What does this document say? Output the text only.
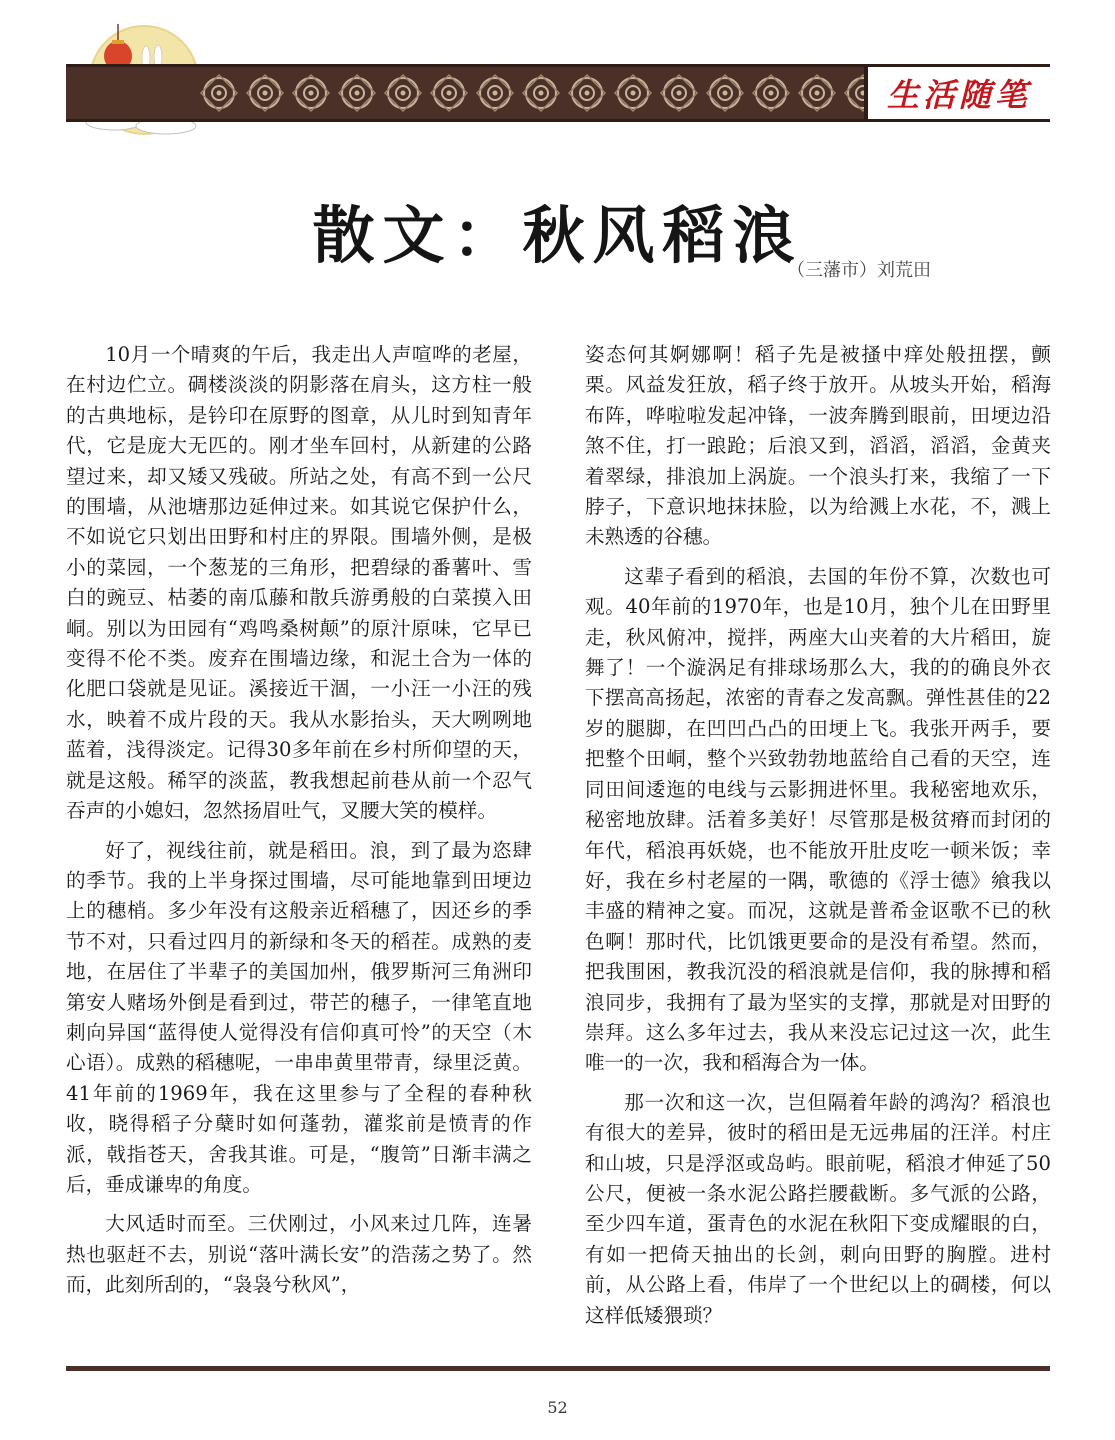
生活随笔
散文：秋风稻浪
（三藩市）刘荒田

10月一个晴爽的午后，我走出人声喧哗的老屋，在村边伫立。碉楼淡淡的阴影落在肩头，这方柱一般的古典地标，是钤印在原野的图章，从儿时到知青年代，它是庞大无匹的。刚才坐车回村，从新建的公路望过来，却又矮又残破。所站之处，有高不到一公尺的围墙，从池塘那边延伸过来。如其说它保护什么，不如说它只划出田野和村庄的界限。围墙外侧，是极小的菜园，一个葱茏的三角形，把碧绿的番薯叶、雪白的豌豆、枯萎的南瓜藤和散兵游勇般的白菜摸入田峒。别以为田园有“鸡鸣桑树颠”的原汁原味，它早已变得不伦不类。废弃在围墙边缘，和泥土合为一体的化肥口袋就是见证。溪接近干涸，一小汪一小汪的残水，映着不成片段的天。我从水影抬头，天大咧咧地蓝着，浅得淡定。记得30多年前在乡村所仰望的天，就是这般。稀罕的淡蓝，教我想起前巷从前一个忍气吞声的小媳妇，忽然扬眉吐气，叉腰大笑的模样。

好了，视线往前，就是稻田。浪，到了最为恣肆的季节。我的上半身探过围墙，尽可能地靠到田埂边上的穗梢。多少年没有这般亲近稻穗了，因还乡的季节不对，只看过四月的新绿和冬天的稻茬。成熟的麦地，在居住了半辈子的美国加州，俄罗斯河三角洲印第安人赌场外倒是看到过，带芒的穗子，一律笔直地刺向异国“蓝得使人觉得没有信仰真可怜”的天空（木心语）。成熟的稻穗呢，一串串黄里带青，绿里泛黄。41年前的1969年，我在这里参与了全程的春种秋收，晓得稻子分蘖时如何蓬勃，灌浆前是愤青的作派，戟指苍天，舍我其谁。可是，“腹笥”日渐丰满之后，垂成谦卑的角度。

大风适时而至。三伏刚过，小风来过几阵，连暑热也驱赶不去，别说“落叶满长安”的浩荡之势了。然而，此刻所刮的，“袅袅兮秋风”，

姿态何其婀娜啊！稻子先是被搔中痒处般扭摆，颤栗。风益发狂放，稻子终于放开。从坡头开始，稻海布阵，哗啦啦发起冲锋，一波奔腾到眼前，田埂边沿煞不住，打一踉跄；后浪又到，滔滔，滔滔，金黄夹着翠绿，排浪加上涡旋。一个浪头打来，我缩了一下脖子，下意识地抹抹脸，以为给溅上水花，不，溅上未熟透的谷穗。

这辈子看到的稻浪，去国的年份不算，次数也可观。40年前的1970年，也是10月，独个儿在田野里走，秋风俯冲，搅拌，两座大山夹着的大片稻田，旋舞了！一个漩涡足有排球场那么大，我的的确良外衣下摆高高扬起，浓密的青春之发高飘。弹性甚佳的22岁的腿脚，在凹凹凸凸的田埂上飞。我张开两手，要把整个田峒，整个兴致勃勃地蓝给自己看的天空，连同田间逶迤的电线与云影拥进怀里。我秘密地欢乐，秘密地放肆。活着多美好！尽管那是极贫瘠而封闭的年代，稻浪再妖娆，也不能放开肚皮吃一顿米饭；幸好，我在乡村老屋的一隅，歌德的《浮士德》飨我以丰盛的精神之宴。而况，这就是普希金讴歌不已的秋色啊！那时代，比饥饿更要命的是没有希望。然而，把我围困，教我沉没的稻浪就是信仰，我的脉搏和稻浪同步，我拥有了最为坚实的支撑，那就是对田野的崇拜。这么多年过去，我从来没忘记过这一次，此生唯一的一次，我和稻海合为一体。

那一次和这一次，岂但隔着年龄的鸿沟？稻浪也有很大的差异，彼时的稻田是无远弗届的汪洋。村庄和山坡，只是浮沤或岛屿。眼前呢，稻浪才伸延了50公尺，便被一条水泥公路拦腰截断。多气派的公路，至少四车道，蛋青色的水泥在秋阳下变成耀眼的白，有如一把倚天抽出的长剑，刺向田野的胸膛。进村前，从公路上看，伟岸了一个世纪以上的碉楼，何以这样低矮猥琐？

52
